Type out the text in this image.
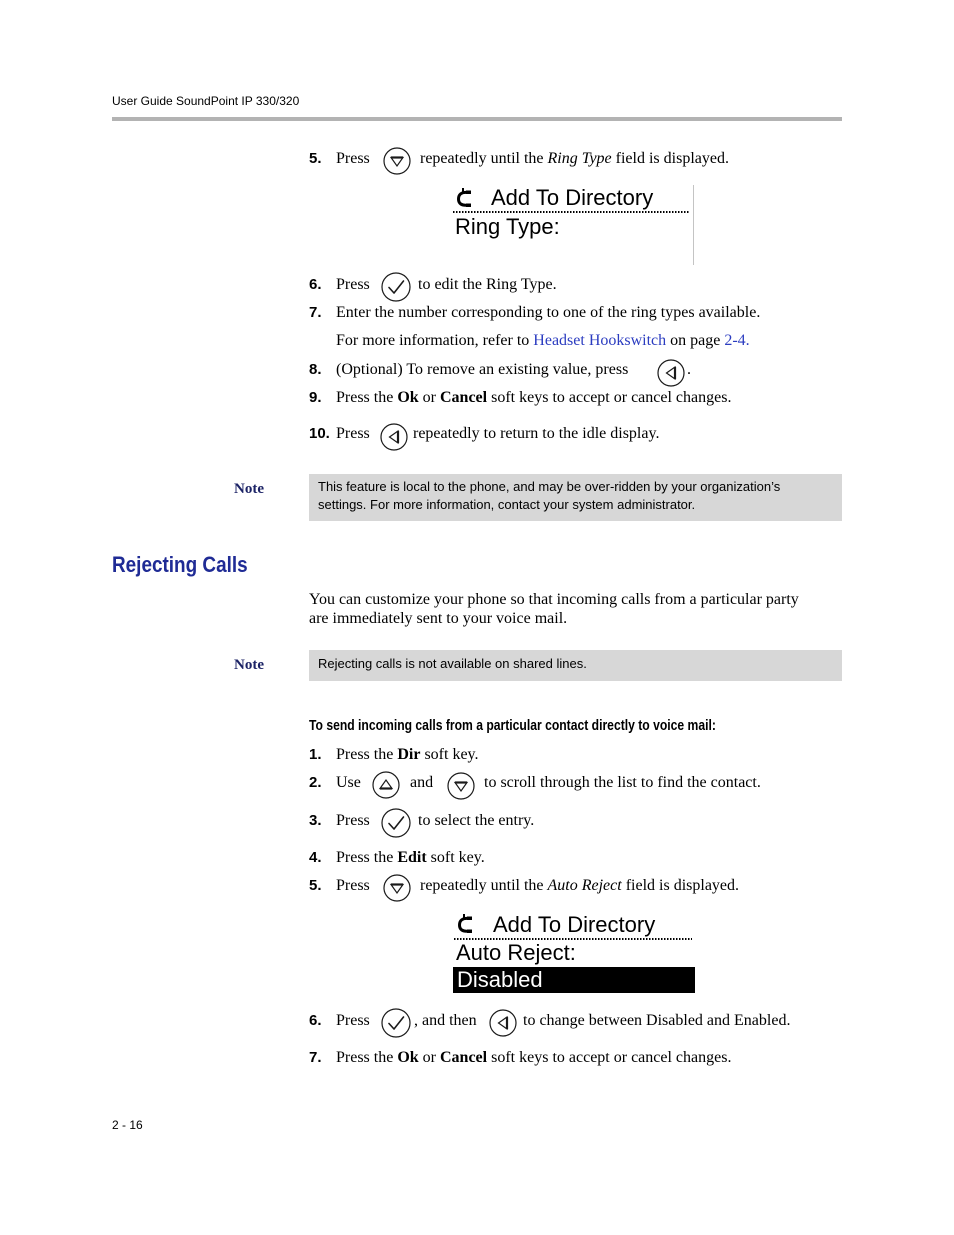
User Guide SoundPoint IP 330/320
5. Press	repeatedly until the Ring Type field is displayed.
Add To Directory
Ring Type:
6. Press	to edit the Ring Type.
7. Enter the number corresponding to one of the ring types available.
For more information, refer to Headset Hookswitch on page 2-4.
8. (Optional) To remove an existing value, press	.
9. Press the Ok or Cancel soft keys to accept or cancel changes.
10. Press	repeatedly to return to the idle display.
Note	This feature is local to the phone, and may be over-ridden by your organization’s
settings. For more information, contact your system administrator.
Rejecting Calls
You can customize your phone so that incoming calls from a particular party
are immediately sent to your voice mail.
Note	Rejecting calls is not available on shared lines.
To send incoming calls from a particular contact directly to voice mail:
1. Press the Dir soft key.
2. Use	and	to scroll through the list to find the contact.
3. Press	to select the entry.
4. Press the Edit soft key.
5. Press	repeatedly until the Auto Reject field is displayed.
Add To Directory
Auto Reject:
Disabled
6. Press	, and then	to change between Disabled and Enabled.
7. Press the Ok or Cancel soft keys to accept or cancel changes.
2 - 16
